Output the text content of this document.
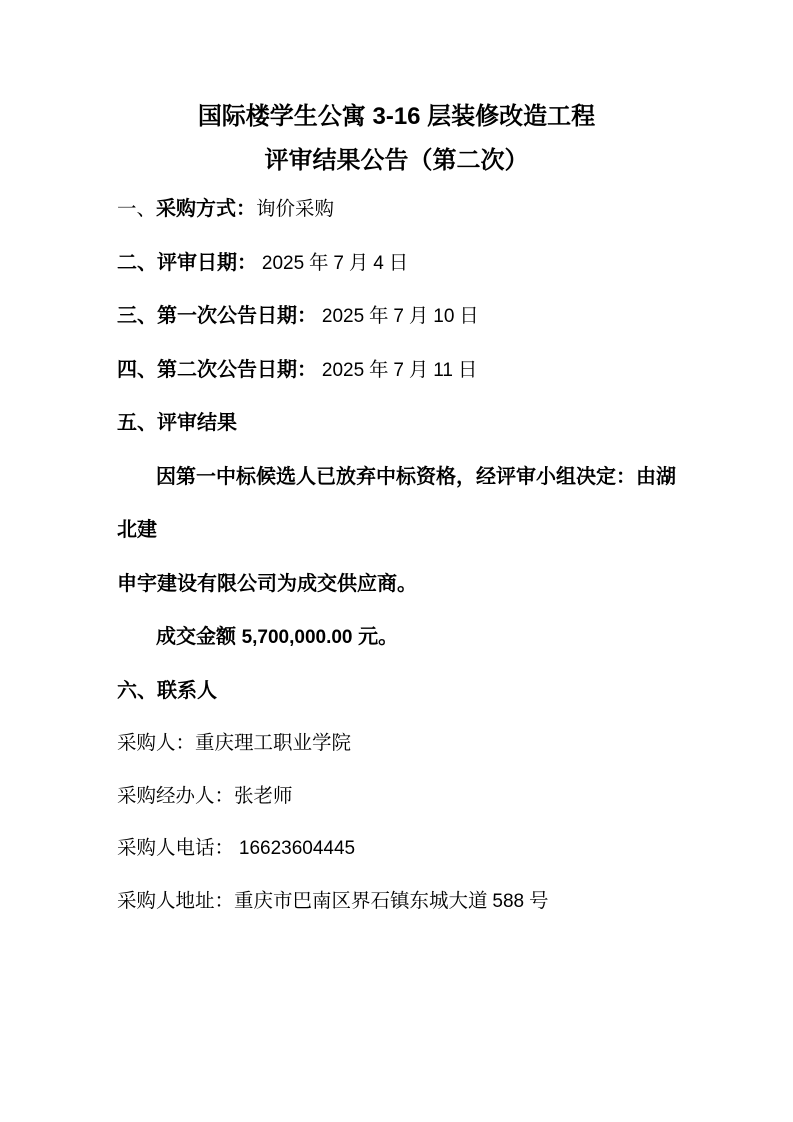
国际楼学生公寓 3-16 层装修改造工程

评审结果公告（第二次）

一、采购方式：询价采购
二、评审日期： 2025 年 7 月 4 日
三、第一次公告日期： 2025 年 7 月 10 日
四、第二次公告日期： 2025 年 7 月 11 日
五、评审结果
因第一中标候选人已放弃中标资格，经评审小组决定：由湖北建
申宇建设有限公司为成交供应商。
成交金额 5,700,000.00 元。
六、联系人
采购人：重庆理工职业学院
采购经办人：张老师
采购人电话： 16623604445
采购人地址：重庆市巴南区界石镇东城大道 588 号
